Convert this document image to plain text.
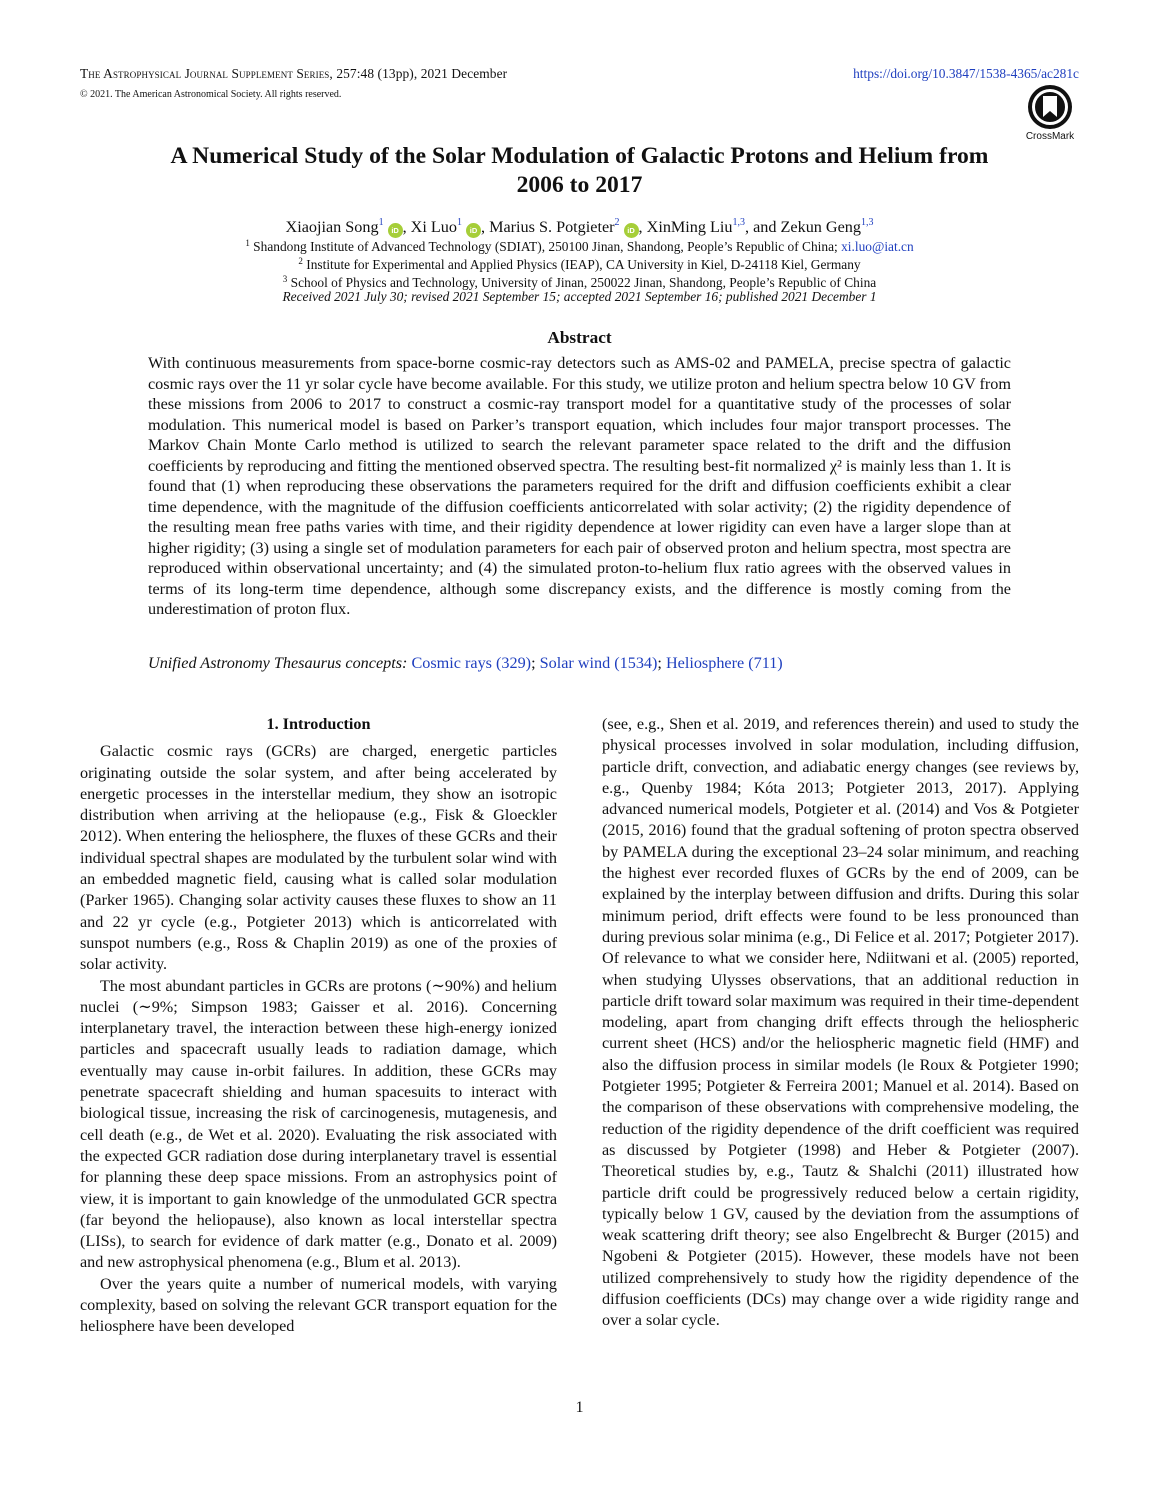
The Astrophysical Journal Supplement Series, 257:48 (13pp), 2021 December
© 2021. The American Astronomical Society. All rights reserved.
https://doi.org/10.3847/1538-4365/ac281c
CrossMark
A Numerical Study of the Solar Modulation of Galactic Protons and Helium from
2006 to 2017
Xiaojian Song$^1$iD , Xi Luo$^1$iD , Marius S. Potgieter$^2$iD , XinMing Liu$^{1,3}$, and Zekun Geng$^{1,3}$
$^1$ Shandong Institute of Advanced Technology (SDIAT), 250100 Jinan, Shandong, People’s Republic of China; xi.luo@iat.cn
$^2$ Institute for Experimental and Applied Physics (IEAP), CA University in Kiel, D-24118 Kiel, Germany
$^3$ School of Physics and Technology, University of Jinan, 250022 Jinan, Shandong, People’s Republic of China
Received 2021 July 30; revised 2021 September 15; accepted 2021 September 16; published 2021 December 1
Abstract
With continuous measurements from space-borne cosmic-ray detectors such as AMS-02 and PAMELA, precise spectra of galactic cosmic rays over the 11 yr solar cycle have become available. For this study, we utilize proton and helium spectra below 10 GV from these missions from 2006 to 2017 to construct a cosmic-ray transport model for a quantitative study of the processes of solar modulation. This numerical model is based on Parker’s transport equation, which includes four major transport processes. The Markov Chain Monte Carlo method is utilized to search the relevant parameter space related to the drift and the diffusion coefficients by reproducing and fitting the mentioned observed spectra. The resulting best-fit normalized χ² is mainly less than 1. It is found that (1) when reproducing these observations the parameters required for the drift and diffusion coefficients exhibit a clear time dependence, with the magnitude of the diffusion coefficients anticorrelated with solar activity; (2) the rigidity dependence of the resulting mean free paths varies with time, and their rigidity dependence at lower rigidity can even have a larger slope than at higher rigidity; (3) using a single set of modulation parameters for each pair of observed proton and helium spectra, most spectra are reproduced within observational uncertainty; and (4) the simulated proton-to-helium flux ratio agrees with the observed values in terms of its long-term time dependence, although some discrepancy exists, and the difference is mostly coming from the underestimation of proton flux.
Unified Astronomy Thesaurus concepts: Cosmic rays (329); Solar wind (1534); Heliosphere (711)
1. Introduction

Galactic cosmic rays (GCRs) are charged, energetic particles originating outside the solar system, and after being accelerated by energetic processes in the interstellar medium, they show an isotropic distribution when arriving at the heliopause (e.g., Fisk & Gloeckler 2012). When entering the heliosphere, the fluxes of these GCRs and their individual spectral shapes are modulated by the turbulent solar wind with an embedded magnetic field, causing what is called solar modulation (Parker 1965). Changing solar activity causes these fluxes to show an 11 and 22 yr cycle (e.g., Potgieter 2013) which is anticorrelated with sunspot numbers (e.g., Ross & Chaplin 2019) as one of the proxies of solar activity.

The most abundant particles in GCRs are protons (∼90%) and helium nuclei (∼9%; Simpson 1983; Gaisser et al. 2016). Concerning interplanetary travel, the interaction between these high-energy ionized particles and spacecraft usually leads to radiation damage, which eventually may cause in-orbit failures. In addition, these GCRs may penetrate spacecraft shielding and human spacesuits to interact with biological tissue, increasing the risk of carcinogenesis, mutagenesis, and cell death (e.g., de Wet et al. 2020). Evaluating the risk associated with the expected GCR radiation dose during interplanetary travel is essential for planning these deep space missions. From an astrophysics point of view, it is important to gain knowledge of the unmodulated GCR spectra (far beyond the heliopause), also known as local interstellar spectra (LISs), to search for evidence of dark matter (e.g., Donato et al. 2009) and new astrophysical phenomena (e.g., Blum et al. 2013).

Over the years quite a number of numerical models, with varying complexity, based on solving the relevant GCR transport equation for the heliosphere have been developed

(see, e.g., Shen et al. 2019, and references therein) and used to study the physical processes involved in solar modulation, including diffusion, particle drift, convection, and adiabatic energy changes (see reviews by, e.g., Quenby 1984; Kóta 2013; Potgieter 2013, 2017). Applying advanced numerical models, Potgieter et al. (2014) and Vos & Potgieter (2015, 2016) found that the gradual softening of proton spectra observed by PAMELA during the exceptional 23–24 solar minimum, and reaching the highest ever recorded fluxes of GCRs by the end of 2009, can be explained by the interplay between diffusion and drifts. During this solar minimum period, drift effects were found to be less pronounced than during previous solar minima (e.g., Di Felice et al. 2017; Potgieter 2017). Of relevance to what we consider here, Ndiitwani et al. (2005) reported, when studying Ulysses observations, that an additional reduction in particle drift toward solar maximum was required in their time-dependent modeling, apart from changing drift effects through the heliospheric current sheet (HCS) and/or the heliospheric magnetic field (HMF) and also the diffusion process in similar models (le Roux & Potgieter 1990; Potgieter 1995; Potgieter & Ferreira 2001; Manuel et al. 2014). Based on the comparison of these observations with comprehensive modeling, the reduction of the rigidity dependence of the drift coefficient was required as discussed by Potgieter (1998) and Heber & Potgieter (2007). Theoretical studies by, e.g., Tautz & Shalchi (2011) illustrated how particle drift could be progressively reduced below a certain rigidity, typically below 1 GV, caused by the deviation from the assumptions of weak scattering drift theory; see also Engelbrecht & Burger (2015) and Ngobeni & Potgieter (2015). However, these models have not been utilized comprehensively to study how the rigidity dependence of the diffusion coefficients (DCs) may change over a wide rigidity range and over a solar cycle.

1
